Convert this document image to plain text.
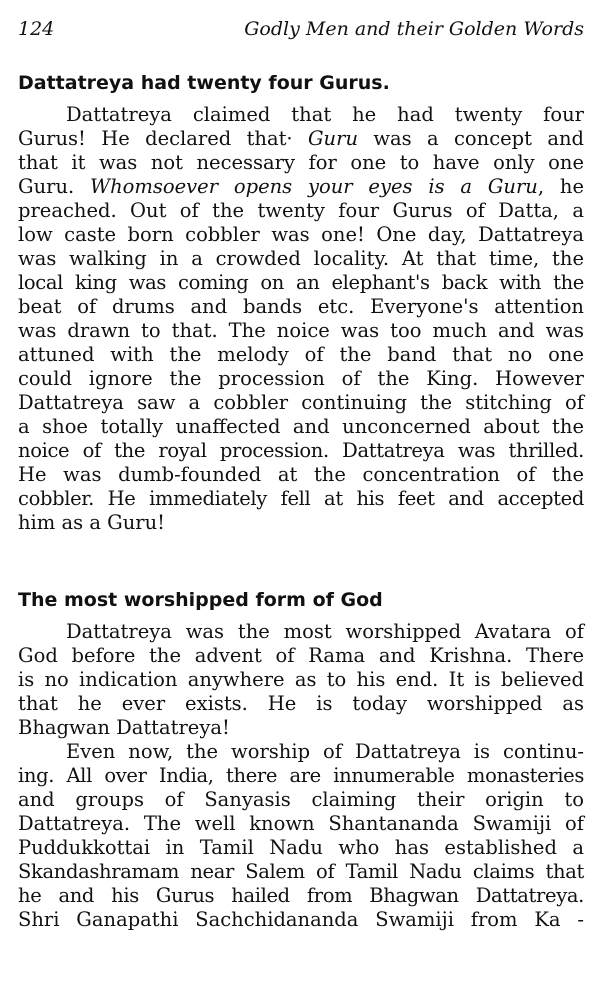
124	Godly Men and their Golden Words
Dattatreya had twenty four Gurus.
Dattatreya claimed that he had twenty four
Gurus! He declared that· Guru was a concept and
that it was not necessary for one to have only one
Guru. Whomsoever opens your eyes is a Guru, he
preached. Out of the twenty four Gurus of Datta, a
low caste born cobbler was one! One day, Dattatreya
was walking in a crowded locality. At that time, the
local king was coming on an elephant's back with the
beat of drums and bands etc. Everyone's attention
was drawn to that. The noice was too much and was
attuned with the melody of the band that no one
could ignore the procession of the King. However
Dattatreya saw a cobbler continuing the stitching of
a shoe totally unaffected and unconcerned about the
noice of the royal procession. Dattatreya was thrilled.
He was dumb-founded at the concentration of the
cobbler. He immediately fell at his feet and accepted
him as a Guru!
The most worshipped form of God
Dattatreya was the most worshipped Avatara of
God before the advent of Rama and Krishna. There
is no indication anywhere as to his end. It is believed
that he ever exists. He is today worshipped as
Bhagwan Dattatreya!
Even now, the worship of Dattatreya is continu-
ing. All over India, there are innumerable monasteries
and groups of Sanyasis claiming their origin to
Dattatreya. The well known Shantananda Swamiji of
Puddukkottai in Tamil Nadu who has established a
Skandashramam near Salem of Tamil Nadu claims that
he and his Gurus hailed from Bhagwan Dattatreya.
Shri Ganapathi Sachchidananda Swamiji from Ka -
